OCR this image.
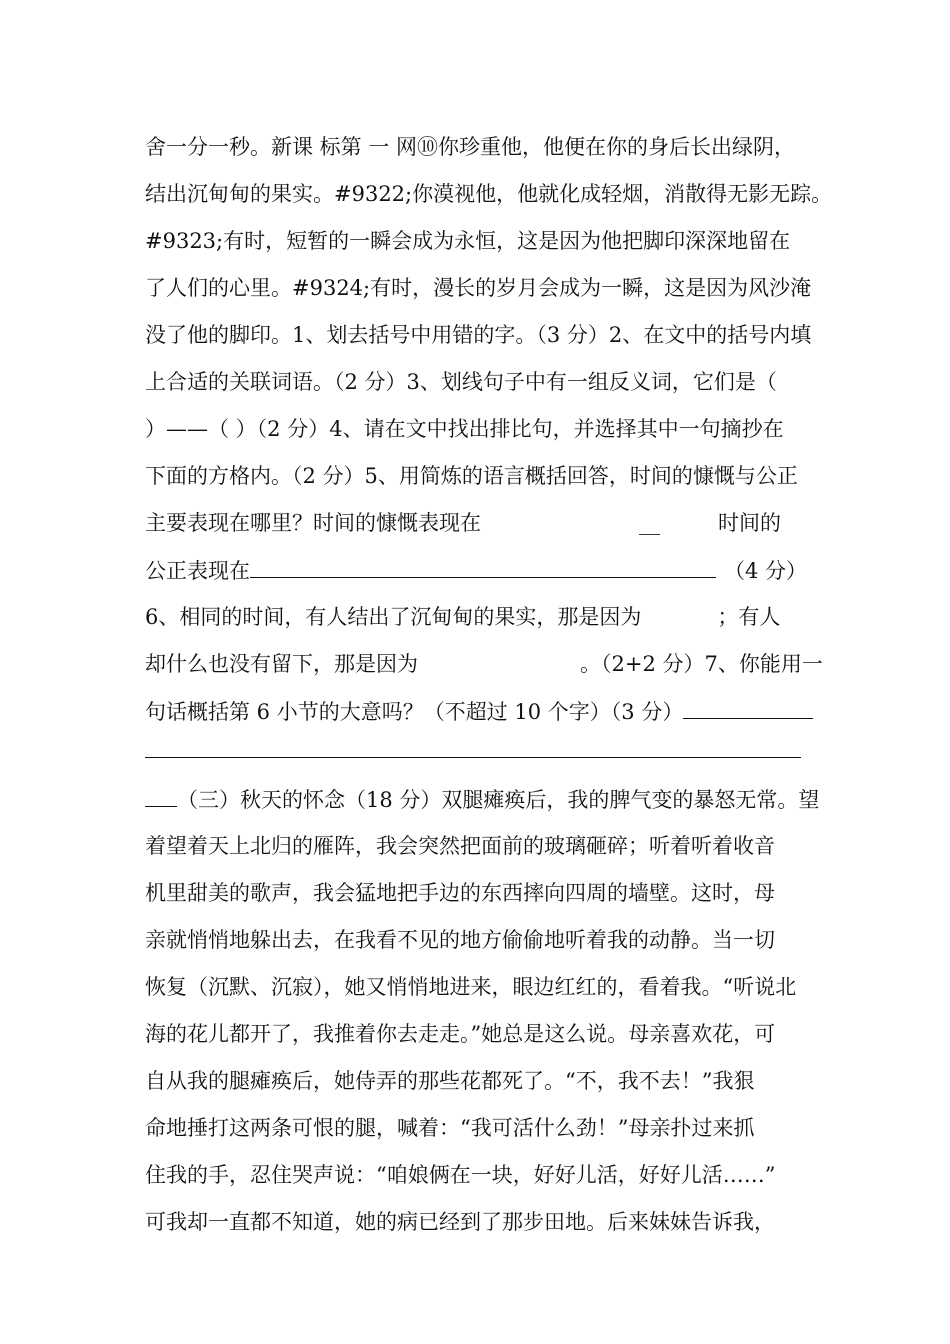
舍一分一秒。新课 标第 一 网⑩你珍重他，他便在你的身后长出绿阴，
结出沉甸甸的果实。#9322;你漠视他，他就化成轻烟，消散得无影无踪。
#9323;有时，短暂的一瞬会成为永恒，这是因为他把脚印深深地留在
了人们的心里。#9324;有时，漫长的岁月会成为一瞬，这是因为风沙淹
没了他的脚印。1、划去括号中用错的字。（3 分）2、在文中的括号内填
上合适的关联词语。（2 分）3、划线句子中有一组反义词，它们是（
）——（ ）（2 分）4、请在文中找出排比句，并选择其中一句摘抄在
下面的方格内。（2 分）5、用简炼的语言概括回答，时间的慷慨与公正
主要表现在哪里？时间的慷慨表现在	__	时间的
公正表现在	（4 分）
6、相同的时间，有人结出了沉甸甸的果实，那是因为	；有人
却什么也没有留下，那是因为	。（2+2 分）7、你能用一
句话概括第 6 小节的大意吗？（不超过 10 个字）（3 分）
（三）秋天的怀念（18 分）双腿瘫痪后，我的脾气变的暴怒无常。望
着望着天上北归的雁阵，我会突然把面前的玻璃砸碎；听着听着收音
机里甜美的歌声，我会猛地把手边的东西摔向四周的墙壁。这时，母
亲就悄悄地躲出去，在我看不见的地方偷偷地听着我的动静。当一切
恢复（沉默、沉寂），她又悄悄地进来，眼边红红的，看着我。“听说北
海的花儿都开了，我推着你去走走。”她总是这么说。母亲喜欢花，可
自从我的腿瘫痪后，她侍弄的那些花都死了。“不，我不去！”我狠
命地捶打这两条可恨的腿，喊着：“我可活什么劲！”母亲扑过来抓
住我的手，忍住哭声说：“咱娘俩在一块，好好儿活，好好儿活……”
可我却一直都不知道，她的病已经到了那步田地。后来妹妹告诉我，
